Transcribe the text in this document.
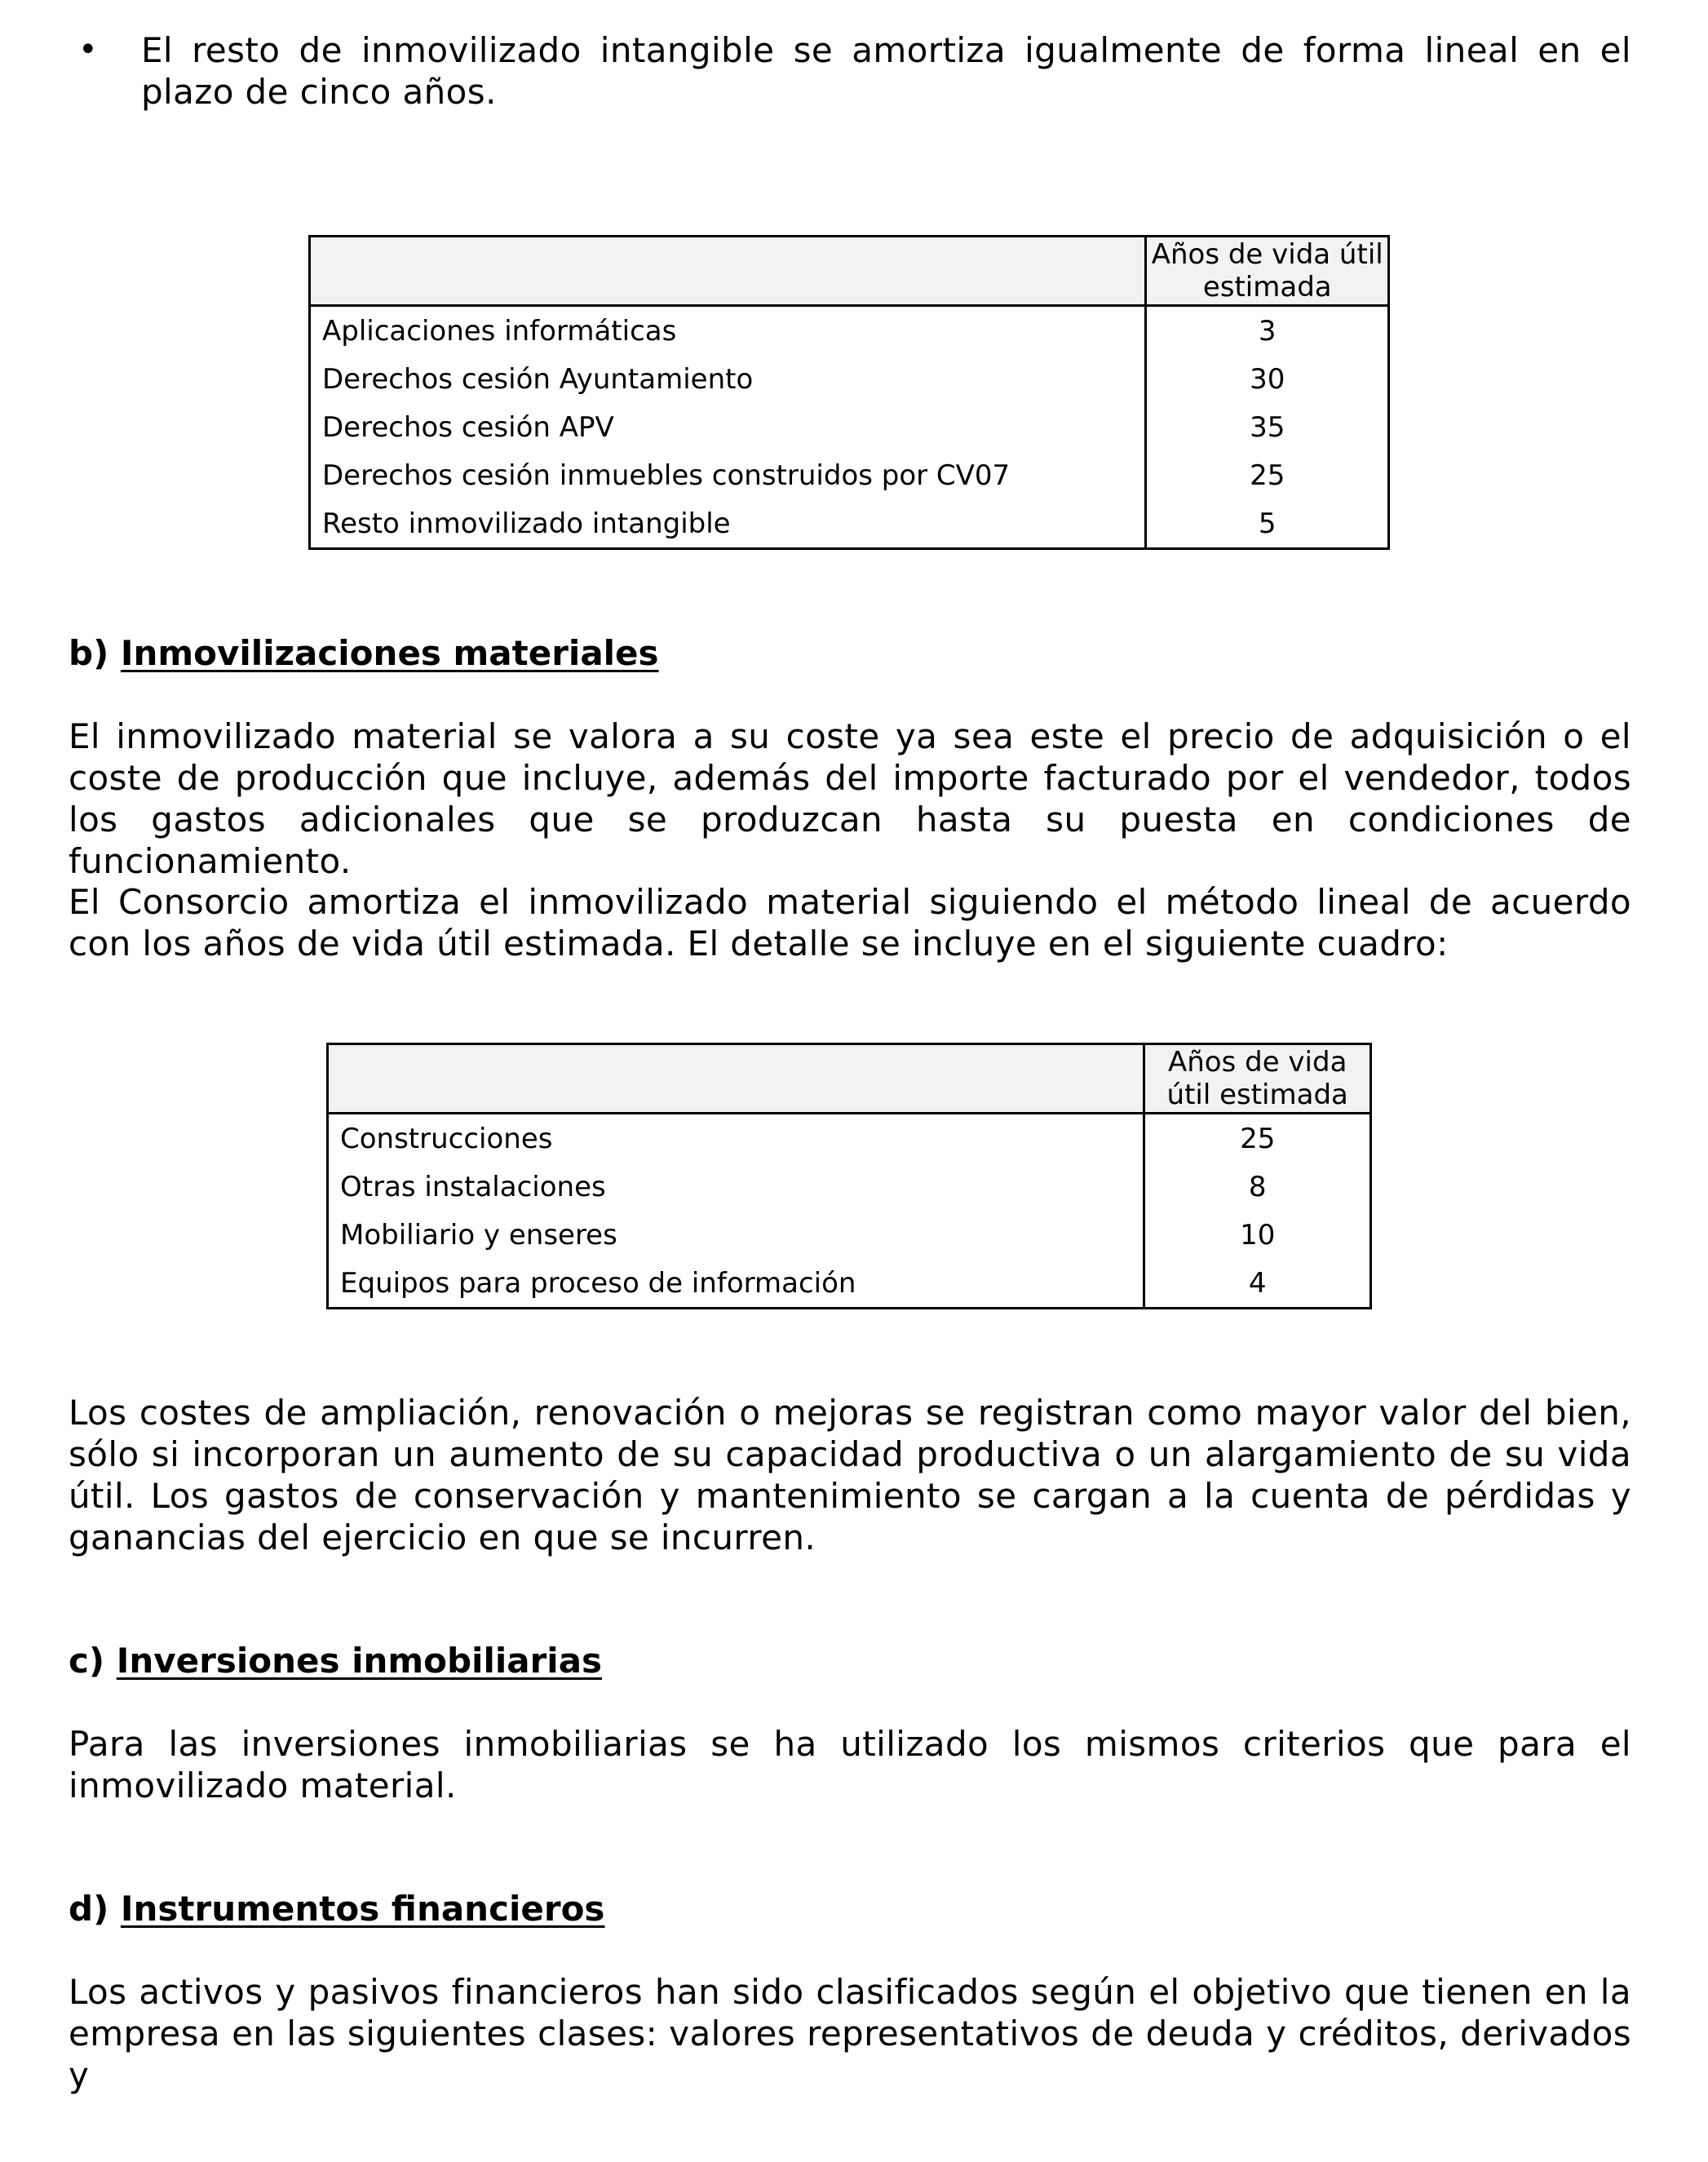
• El resto de inmovilizado intangible se amortiza igualmente de forma lineal en el plazo de cinco años.

	Años de vida útil estimada
Aplicaciones informáticas	3
Derechos cesión Ayuntamiento	30
Derechos cesión APV	35
Derechos cesión inmuebles construidos por CV07	25
Resto inmovilizado intangible	5

b) Inmovilizaciones materiales

El inmovilizado material se valora a su coste ya sea este el precio de adquisición o el coste de producción que incluye, además del importe facturado por el vendedor, todos los gastos adicionales que se produzcan hasta su puesta en condiciones de funcionamiento.

El Consorcio amortiza el inmovilizado material siguiendo el método lineal de acuerdo con los años de vida útil estimada. El detalle se incluye en el siguiente cuadro:

	Años de vida útil estimada
Construcciones	25
Otras instalaciones	8
Mobiliario y enseres	10
Equipos para proceso de información	4

Los costes de ampliación, renovación o mejoras se registran como mayor valor del bien, sólo si incorporan un aumento de su capacidad productiva o un alargamiento de su vida útil. Los gastos de conservación y mantenimiento se cargan a la cuenta de pérdidas y ganancias del ejercicio en que se incurren.

c) Inversiones inmobiliarias

Para las inversiones inmobiliarias se ha utilizado los mismos criterios que para el inmovilizado material.

d) Instrumentos financieros

Los activos y pasivos financieros han sido clasificados según el objetivo que tienen en la empresa en las siguientes clases: valores representativos de deuda y créditos, derivados y
